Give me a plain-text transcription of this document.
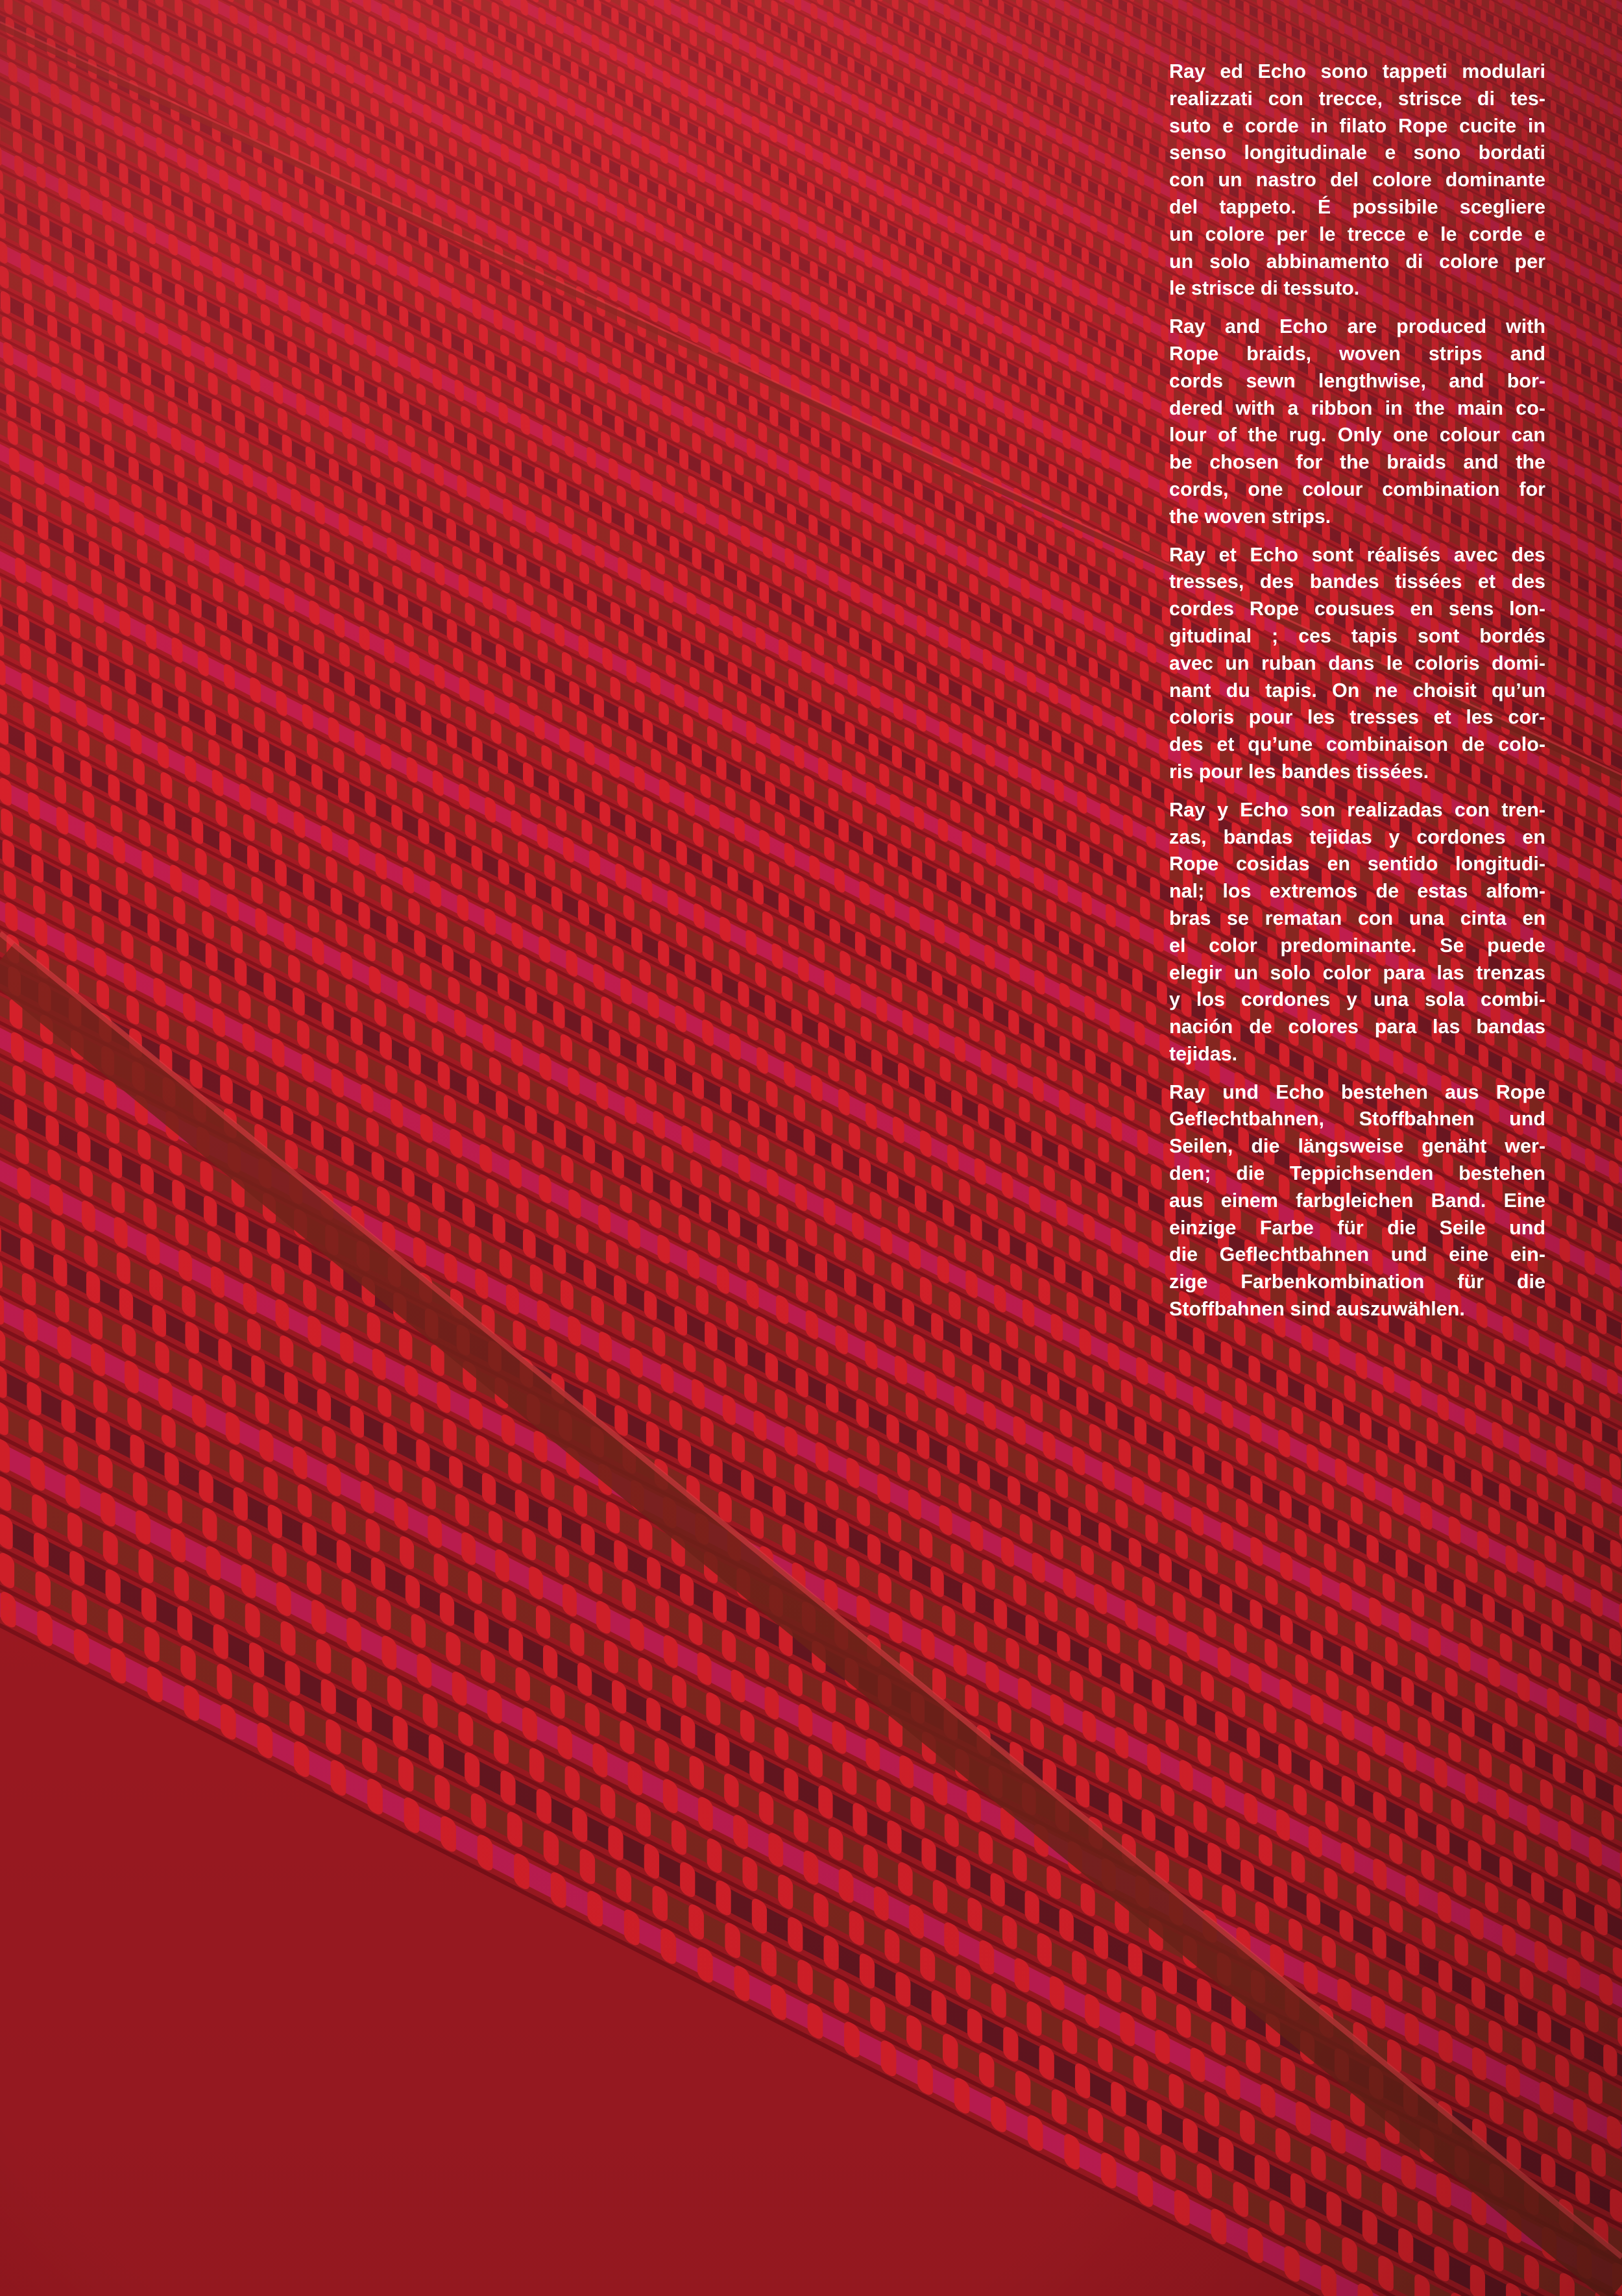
Ray ed Echo sono tappeti modulari
realizzati con trecce, strisce di tes-
suto e corde in filato Rope cucite in
senso longitudinale e sono bordati
con un nastro del colore dominante
del tappeto. É possibile scegliere
un colore per le trecce e le corde e
un solo abbinamento di colore per
le strisce di tessuto.

Ray and Echo are produced with
Rope braids, woven strips and
cords sewn lengthwise, and bor-
dered with a ribbon in the main co-
lour of the rug. Only one colour can
be chosen for the braids and the
cords, one colour combination for
the woven strips.

Ray et Echo sont réalisés avec des
tresses, des bandes tissées et des
cordes Rope cousues en sens lon-
gitudinal ; ces tapis sont bordés
avec un ruban dans le coloris domi-
nant du tapis. On ne choisit qu’un
coloris pour les tresses et les cor-
des et qu’une combinaison de colo-
ris pour les bandes tissées.

Ray y Echo son realizadas con tren-
zas, bandas tejidas y cordones en
Rope cosidas en sentido longitudi-
nal; los extremos de estas alfom-
bras se rematan con una cinta en
el color predominante. Se puede
elegir un solo color para las trenzas
y los cordones y una sola combi-
nación de colores para las bandas
tejidas.

Ray und Echo bestehen aus Rope
Geflechtbahnen, Stoffbahnen und
Seilen, die längsweise genäht wer-
den; die Teppichsenden bestehen
aus einem farbgleichen Band. Eine
einzige Farbe für die Seile und
die Geflechtbahnen und eine ein-
zige Farbenkombination für die
Stoffbahnen sind auszuwählen.
